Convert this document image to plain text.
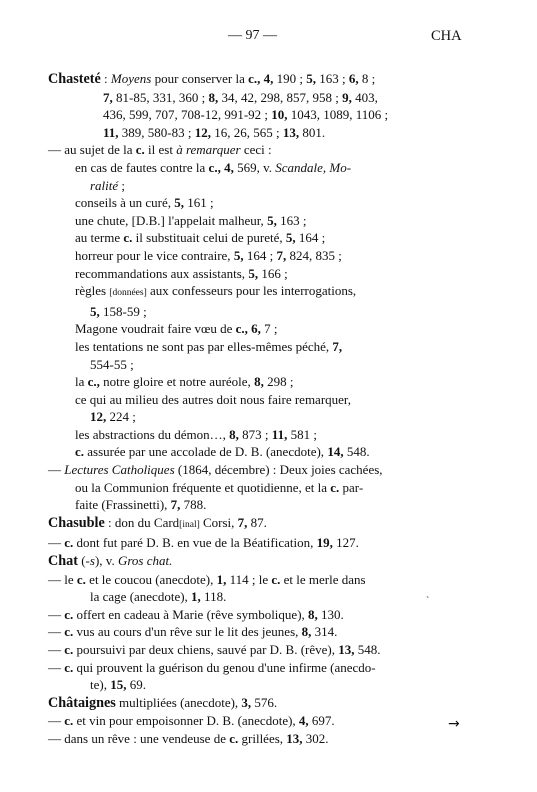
— 97 —	CHA
Chasteté : Moyens pour conserver la c., 4, 190 ; 5, 163 ; 6, 8 ;
7, 81-85, 331, 360 ; 8, 34, 42, 298, 857, 958 ; 9, 403,
436, 599, 707, 708-12, 991-92 ; 10, 1043, 1089, 1106 ;
11, 389, 580-83 ; 12, 16, 26, 565 ; 13, 801.
— au sujet de la c. il est à remarquer ceci :
en cas de fautes contre la c., 4, 569, v. Scandale, Mo-
ralité ;
conseils à un curé, 5, 161 ;
une chute, [D.B.] l'appelait malheur, 5, 163 ;
au terme c. il substituait celui de pureté, 5, 164 ;
horreur pour le vice contraire, 5, 164 ; 7, 824, 835 ;
recommandations aux assistants, 5, 166 ;
règles [données] aux confesseurs pour les interrogations,
5, 158-59 ;
Magone voudrait faire vœu de c., 6, 7 ;
les tentations ne sont pas par elles-mêmes péché, 7,
554-55 ;
la c., notre gloire et notre auréole, 8, 298 ;
ce qui au milieu des autres doit nous faire remarquer,
12, 224 ;
les abstractions du démon…, 8, 873 ; 11, 581 ;
c. assurée par une accolade de D. B. (anecdote), 14, 548.
— Lectures Catholiques (1864, décembre) : Deux joies cachées,
ou la Communion fréquente et quotidienne, et la c. par-
faite (Frassinetti), 7, 788.
Chasuble : don du Card[inal] Corsi, 7, 87.
— c. dont fut paré D. B. en vue de la Béatification, 19, 127.
Chat (-s), v. Gros chat.
— le c. et le coucou (anecdote), 1, 114 ; le c. et le merle dans
la cage (anecdote), 1, 118.
— c. offert en cadeau à Marie (rêve symbolique), 8, 130.
— c. vus au cours d'un rêve sur le lit des jeunes, 8, 314.
— c. poursuivi par deux chiens, sauvé par D. B. (rêve), 13, 548.
— c. qui prouvent la guérison du genou d'une infirme (anecdo-
te), 15, 69.
Châtaignes multipliées (anecdote), 3, 576.
— c. et vin pour empoisonner D. B. (anecdote), 4, 697.
— dans un rêve : une vendeuse de c. grillées, 13, 302.
ˋ
→
